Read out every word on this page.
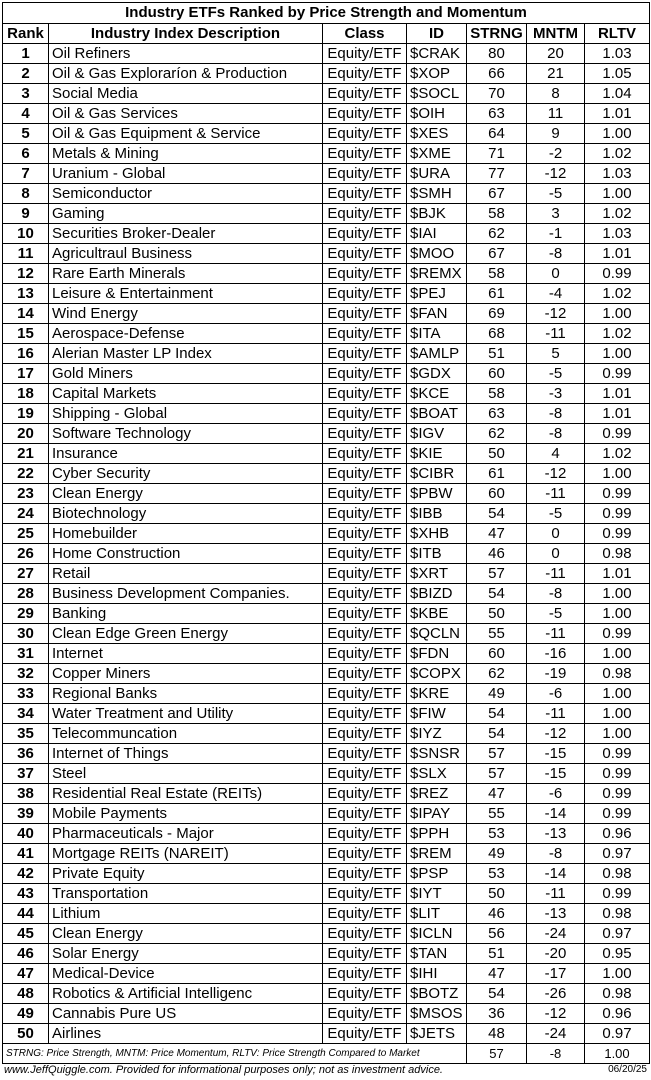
Industry ETFs Ranked by Price Strength and Momentum						
Rank	Industry Index Description	Class	ID	STRNG	MNTM	RLTV
1	Oil Refiners	Equity/ETF	$CRAK	80	20	1.03
2	Oil & Gas Exploraríon & Production	Equity/ETF	$XOP	66	21	1.05
3	Social Media	Equity/ETF	$SOCL	70	8	1.04
4	Oil & Gas Services	Equity/ETF	$OIH	63	11	1.01
5	Oil & Gas Equipment & Service	Equity/ETF	$XES	64	9	1.00
6	Metals & Mining	Equity/ETF	$XME	71	-2	1.02
7	Uranium - Global	Equity/ETF	$URA	77	-12	1.03
8	Semiconductor	Equity/ETF	$SMH	67	-5	1.00
9	Gaming	Equity/ETF	$BJK	58	3	1.02
10	Securities Broker-Dealer	Equity/ETF	$IAI	62	-1	1.03
11	Agricultraul Business	Equity/ETF	$MOO	67	-8	1.01
12	Rare Earth Minerals	Equity/ETF	$REMX	58	0	0.99
13	Leisure & Entertainment	Equity/ETF	$PEJ	61	-4	1.02
14	Wind Energy	Equity/ETF	$FAN	69	-12	1.00
15	Aerospace-Defense	Equity/ETF	$ITA	68	-11	1.02
16	Alerian Master LP Index	Equity/ETF	$AMLP	51	5	1.00
17	Gold Miners	Equity/ETF	$GDX	60	-5	0.99
18	Capital Markets	Equity/ETF	$KCE	58	-3	1.01
19	Shipping - Global	Equity/ETF	$BOAT	63	-8	1.01
20	Software Technology	Equity/ETF	$IGV	62	-8	0.99
21	Insurance	Equity/ETF	$KIE	50	4	1.02
22	Cyber Security	Equity/ETF	$CIBR	61	-12	1.00
23	Clean Energy	Equity/ETF	$PBW	60	-11	0.99
24	Biotechnology	Equity/ETF	$IBB	54	-5	0.99
25	Homebuilder	Equity/ETF	$XHB	47	0	0.99
26	Home Construction	Equity/ETF	$ITB	46	0	0.98
27	Retail	Equity/ETF	$XRT	57	-11	1.01
28	Business Development Companies.	Equity/ETF	$BIZD	54	-8	1.00
29	Banking	Equity/ETF	$KBE	50	-5	1.00
30	Clean Edge Green Energy	Equity/ETF	$QCLN	55	-11	0.99
31	Internet	Equity/ETF	$FDN	60	-16	1.00
32	Copper Miners	Equity/ETF	$COPX	62	-19	0.98
33	Regional Banks	Equity/ETF	$KRE	49	-6	1.00
34	Water Treatment and Utility	Equity/ETF	$FIW	54	-11	1.00
35	Telecommuncation	Equity/ETF	$IYZ	54	-12	1.00
36	Internet of Things	Equity/ETF	$SNSR	57	-15	0.99
37	Steel	Equity/ETF	$SLX	57	-15	0.99
38	Residential Real Estate (REITs)	Equity/ETF	$REZ	47	-6	0.99
39	Mobile Payments	Equity/ETF	$IPAY	55	-14	0.99
40	Pharmaceuticals - Major	Equity/ETF	$PPH	53	-13	0.96
41	Mortgage REITs (NAREIT)	Equity/ETF	$REM	49	-8	0.97
42	Private Equity	Equity/ETF	$PSP	53	-14	0.98
43	Transportation	Equity/ETF	$IYT	50	-11	0.99
44	Lithium	Equity/ETF	$LIT	46	-13	0.98
45	Clean Energy	Equity/ETF	$ICLN	56	-24	0.97
46	Solar Energy	Equity/ETF	$TAN	51	-20	0.95
47	Medical-Device	Equity/ETF	$IHI	47	-17	1.00
48	Robotics & Artificial Intelligenc	Equity/ETF	$BOTZ	54	-26	0.98
49	Cannabis Pure US	Equity/ETF	$MSOS	36	-12	0.96
50	Airlines	Equity/ETF	$JETS	48	-24	0.97
STRNG: Price Strength, MNTM: Price Momentum, RLTV: Price Strength Compared to Market				57	-8	1.00
www.JeffQuiggle.com. Provided for informational purposes only; not as investment advice.	06/20/25
